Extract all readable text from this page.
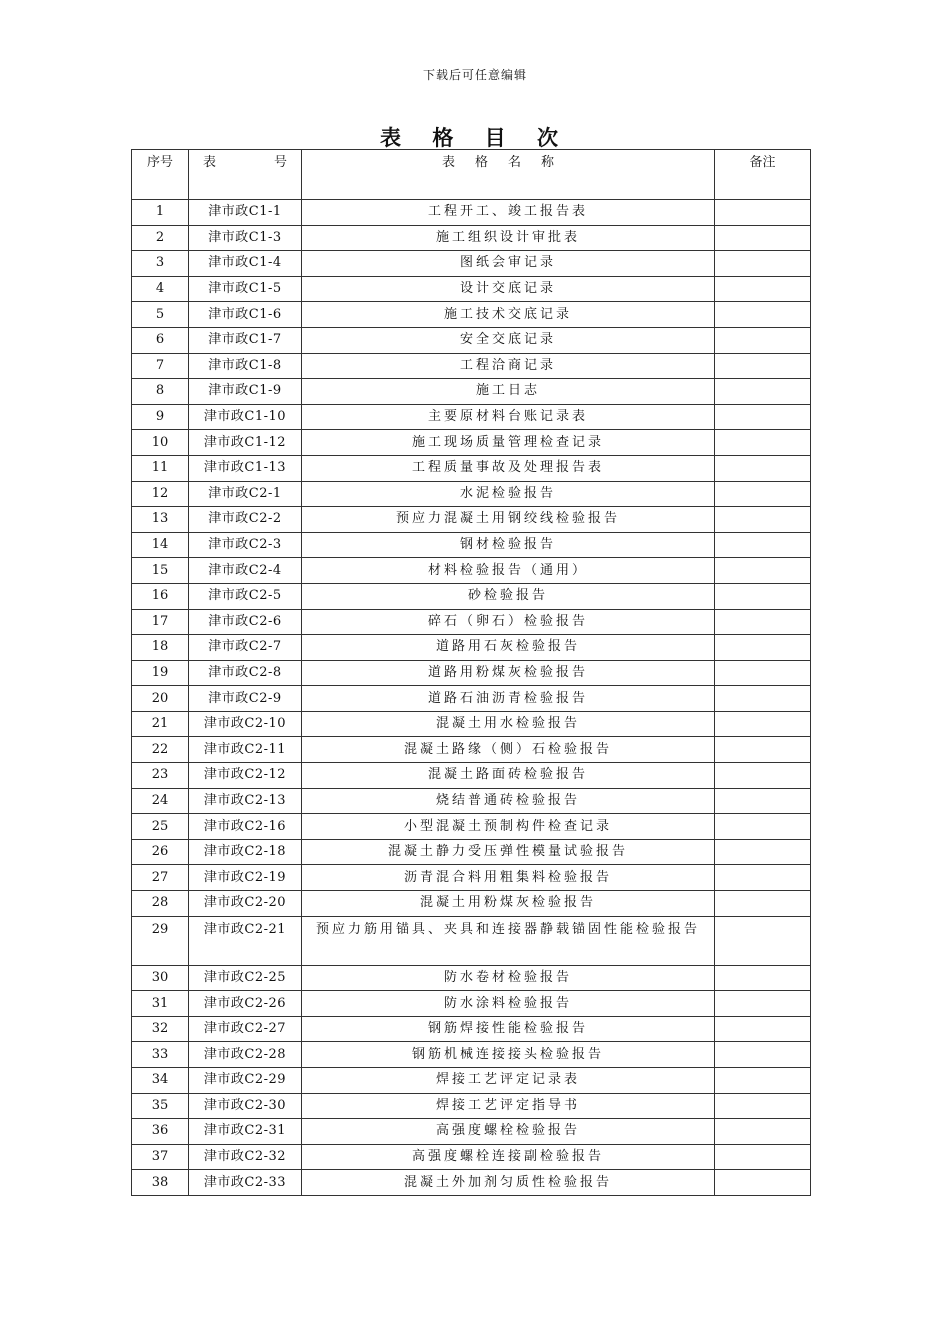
下载后可任意编辑
表 格 目 次
序号	表 号	表格名称	备注
1	津市政C1-1	工程开工、竣工报告表	
2	津市政C1-3	施工组织设计审批表	
3	津市政C1-4	图纸会审记录	
4	津市政C1-5	设计交底记录	
5	津市政C1-6	施工技术交底记录	
6	津市政C1-7	安全交底记录	
7	津市政C1-8	工程洽商记录	
8	津市政C1-9	施工日志	
9	津市政C1-10	主要原材料台账记录表	
10	津市政C1-12	施工现场质量管理检查记录	
11	津市政C1-13	工程质量事故及处理报告表	
12	津市政C2-1	水泥检验报告	
13	津市政C2-2	预应力混凝土用钢绞线检验报告	
14	津市政C2-3	钢材检验报告	
15	津市政C2-4	材料检验报告（通用）	
16	津市政C2-5	砂检验报告	
17	津市政C2-6	碎石（卵石）检验报告	
18	津市政C2-7	道路用石灰检验报告	
19	津市政C2-8	道路用粉煤灰检验报告	
20	津市政C2-9	道路石油沥青检验报告	
21	津市政C2-10	混凝土用水检验报告	
22	津市政C2-11	混凝土路缘（侧）石检验报告	
23	津市政C2-12	混凝土路面砖检验报告	
24	津市政C2-13	烧结普通砖检验报告	
25	津市政C2-16	小型混凝土预制构件检查记录	
26	津市政C2-18	混凝土静力受压弹性模量试验报告	
27	津市政C2-19	沥青混合料用粗集料检验报告	
28	津市政C2-20	混凝土用粉煤灰检验报告	
29	津市政C2-21	预应力筋用锚具、夹具和连接器静载锚固性能检验报告	
30	津市政C2-25	防水卷材检验报告	
31	津市政C2-26	防水涂料检验报告	
32	津市政C2-27	钢筋焊接性能检验报告	
33	津市政C2-28	钢筋机械连接接头检验报告	
34	津市政C2-29	焊接工艺评定记录表	
35	津市政C2-30	焊接工艺评定指导书	
36	津市政C2-31	高强度螺栓检验报告	
37	津市政C2-32	高强度螺栓连接副检验报告	
38	津市政C2-33	混凝土外加剂匀质性检验报告	
